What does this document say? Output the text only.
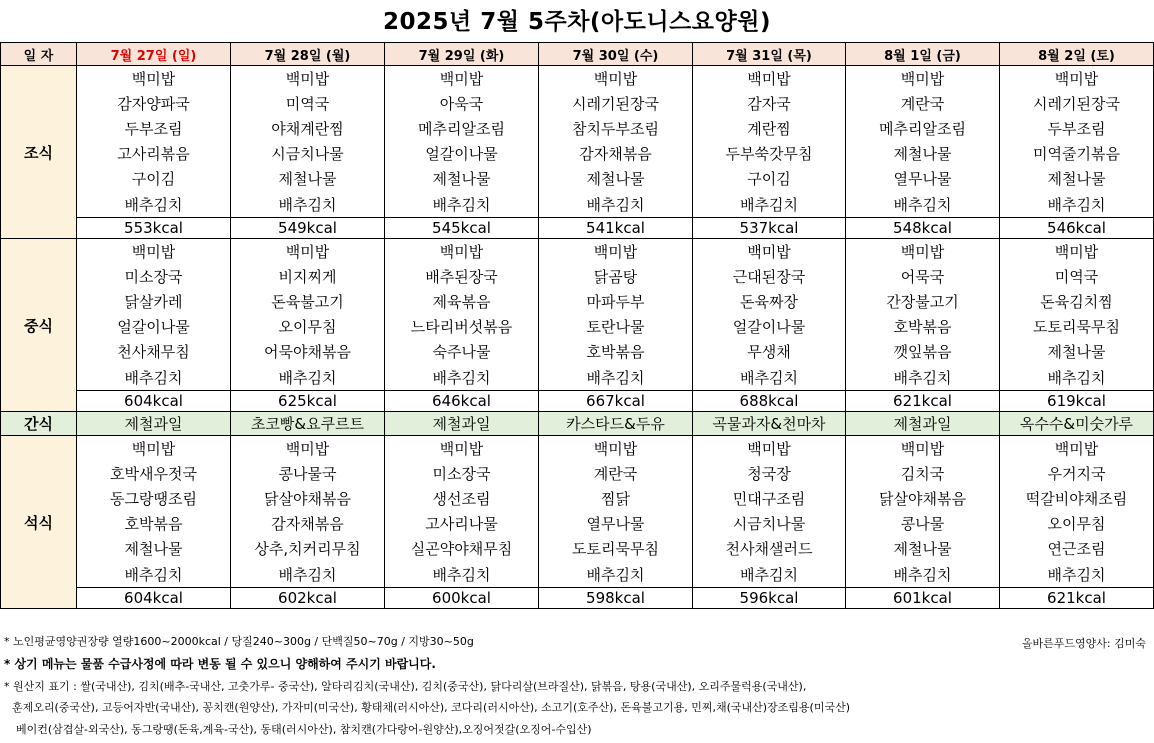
2025년 7월 5주차(아도니스요양원)
일 자	7월 27일 (일)	7월 28일 (월)	7월 29일 (화)	7월 30일 (수)	7월 31일 (목)	8월 1일 (금)	8월 2일 (토)
조식	백미밥	백미밥	백미밥	백미밥	백미밥	백미밥	백미밥
	감자양파국	미역국	아욱국	시레기된장국	감자국	계란국	시레기된장국
	두부조림	야채계란찜	메추리알조림	참치두부조림	계란찜	메추리알조림	두부조림
	고사리볶음	시금치나물	얼갈이나물	감자채볶음	두부쑥갓무침	제철나물	미역줄기볶음
	구이김	제철나물	제철나물	제철나물	구이김	열무나물	제철나물
	배추김치	배추김치	배추김치	배추김치	배추김치	배추김치	배추김치
	553kcal	549kcal	545kcal	541kcal	537kcal	548kcal	546kcal
중식	백미밥	백미밥	백미밥	백미밥	백미밥	백미밥	백미밥
	미소장국	비지찌게	배추된장국	닭곰탕	근대된장국	어묵국	미역국
	닭살카레	돈육불고기	제육볶음	마파두부	돈육짜장	간장불고기	돈육김치찜
	얼갈이나물	오이무침	느타리버섯볶음	토란나물	얼갈이나물	호박볶음	도토리묵무침
	천사채무침	어묵야채볶음	숙주나물	호박볶음	무생채	깻잎볶음	제철나물
	배추김치	배추김치	배추김치	배추김치	배추김치	배추김치	배추김치
	604kcal	625kcal	646kcal	667kcal	688kcal	621kcal	619kcal
간식	제철과일	초코빵&요쿠르트	제철과일	카스타드&두유	곡물과자&천마차	제철과일	옥수수&미숫가루
석식	백미밥	백미밥	백미밥	백미밥	백미밥	백미밥	백미밥
	호박새우젓국	콩나물국	미소장국	계란국	청국장	김치국	우거지국
	동그랑땡조림	닭살야채볶음	생선조림	찜닭	민대구조림	닭살야채볶음	떡갈비야채조림
	호박볶음	감자채볶음	고사리나물	열무나물	시금치나물	콩나물	오이무침
	제철나물	상추,치커리무침	실곤약야채무침	도토리묵무침	천사채샐러드	제철나물	연근조림
	배추김치	배추김치	배추김치	배추김치	배추김치	배추김치	배추김치
	604kcal	602kcal	600kcal	598kcal	596kcal	601kcal	621kcal
* 노인평균영양권장량 열량1600~2000kcal / 당질240~300g / 단백질50~70g / 지방30~50g	올바른푸드영양사: 김미숙
* 상기 메뉴는 물품 수급사정에 따라 변동 될 수 있으니 양해하여 주시기 바랍니다.
* 원산지 표기 : 쌀(국내산), 김치(배추-국내산, 고춧가루- 중국산), 알타리김치(국내산), 김치(중국산), 닭다리살(브라질산), 닭볶음, 탕용(국내산), 오리주물럭용(국내산),
훈제오리(중국산), 고등어자반(국내산), 꽁치캔(원양산), 가자미(미국산), 황태채(러시아산), 코다리(러시아산), 소고기(호주산), 돈육불고기용, 민찌,채(국내산)장조림용(미국산)
베이컨(삼겹살-외국산), 동그랑땡(돈육,계육-국산), 동태(러시아산), 참치캔(가다랑어-원양산),오징어젓갈(오징어-수입산)
